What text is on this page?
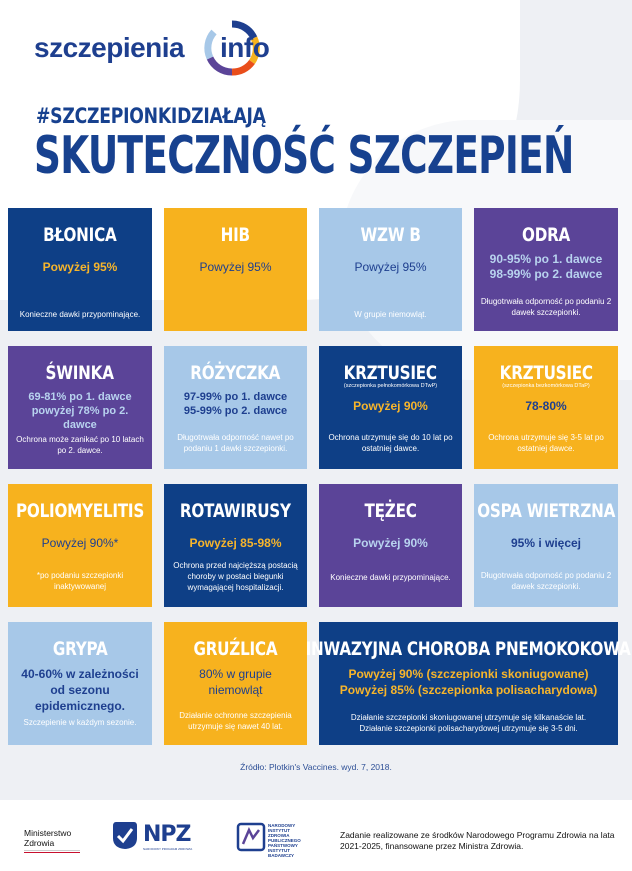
szczepienia info
#SZCZEPIONKIDZIAŁAJĄ
SKUTECZNOŚĆ SZCZEPIEŃ
BŁONICA
Powyżej 95%
Konieczne dawki przypominające.
HIB
Powyżej 95%
WZW B
Powyżej 95%
W grupie niemowląt.
ODRA
90-95% po 1. dawce
98-99% po 2. dawce
Długotrwała odporność po podaniu 2 dawek szczepionki.
ŚWINKA
69-81% po 1. dawce
powyżej 78% po 2. dawce
Ochrona może zanikać po 10 latach po 2. dawce.
RÓŻYCZKA
97-99% po 1. dawce
95-99% po 2. dawce
Długotrwała odporność nawet po podaniu 1 dawki szczepionki.
KRZTUSIEC
(szczepionka pełnokomórkowa DTwP)
Powyżej 90%
Ochrona utrzymuje się do 10 lat po ostatniej dawce.
KRZTUSIEC
(szczepionka bezkomórkowa DTaP)
78-80%
Ochrona utrzymuje się 3-5 lat po ostatniej dawce.
POLIOMYELITIS
Powyżej 90%*
*po podaniu szczepionki inaktywowanej
ROTAWIRUSY
Powyżej 85-98%
Ochrona przed najcięższą postacią choroby w postaci biegunki wymagającej hospitalizacji.
TĘŻEC
Powyżej 90%
Konieczne dawki przypominające.
OSPA WIETRZNA
95% i więcej
Długotrwała odporność po podaniu 2 dawek szczepionki.
GRYPA
40-60% w zależności od sezonu epidemicznego.
Szczepienie w każdym sezonie.
GRUŹLICA
80% w grupie niemowląt
Działanie ochronne szczepienia utrzymuje się nawet 40 lat.
INWAZYJNA CHOROBA PNEMOKOKOWA
Powyżej 90% (szczepionki skoniugowane)
Powyżej 85% (szczepionka polisacharydowa)
Działanie szczepionki skoniugowanej utrzymuje się kilkanaście lat.
Działanie szczepionki polisacharydowej utrzymuje się 3-5 dni.
Źródło: Plotkin's Vaccines. wyd. 7, 2018.
Ministerstwo
Zdrowia	NPZ
NARODOWY PROGRAM ZDROWIA
NARODOWY INSTYTUT ZDROWIA PUBLICZNEGO PAŃSTWOWY INSTYTUT BADAWCZY
Zadanie realizowane ze środków Narodowego Programu Zdrowia na lata 2021-2025, finansowane przez Ministra Zdrowia.
